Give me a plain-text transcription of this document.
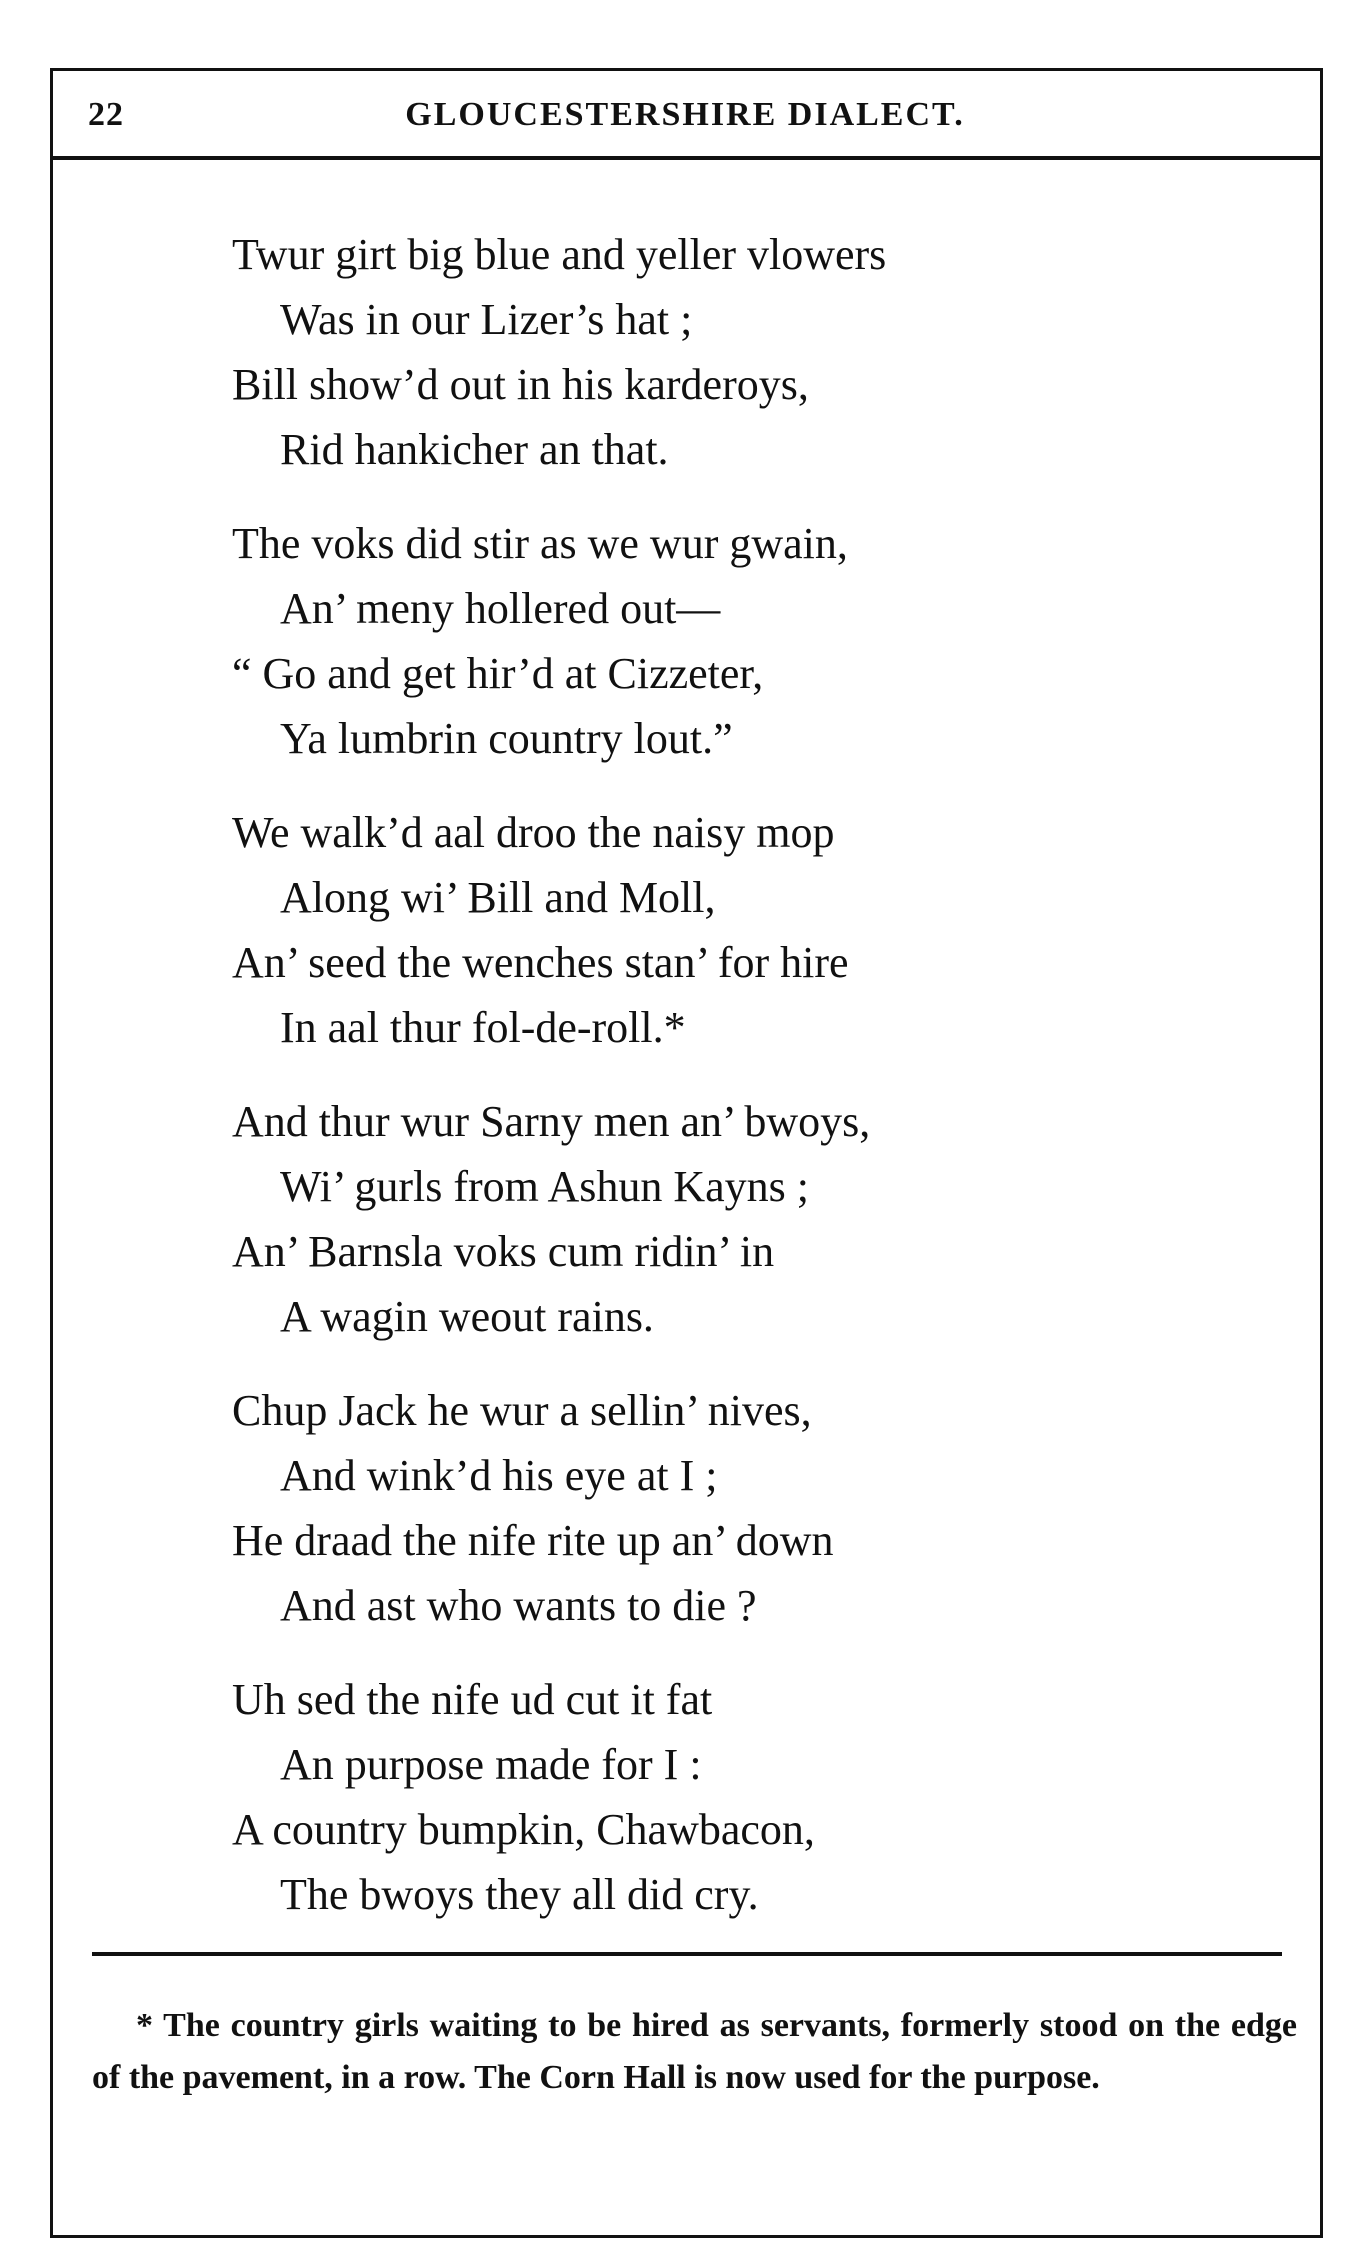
22	GLOUCESTERSHIRE DIALECT.
Twur girt big blue and yeller vlowers
Was in our Lizer’s hat ;
Bill show’d out in his karderoys,
Rid hankicher an that.
The voks did stir as we wur gwain,
An’ meny hollered out—
“ Go and get hir’d at Cizzeter,
Ya lumbrin country lout.”
We walk’d aal droo the naisy mop
Along wi’ Bill and Moll,
An’ seed the wenches stan’ for hire
In aal thur fol-de-roll.*
And thur wur Sarny men an’ bwoys,
Wi’ gurls from Ashun Kayns ;
An’ Barnsla voks cum ridin’ in
A wagin weout rains.
Chup Jack he wur a sellin’ nives,
And wink’d his eye at I ;
He draad the nife rite up an’ down
And ast who wants to die ?
Uh sed the nife ud cut it fat
An purpose made for I :
A country bumpkin, Chawbacon,
The bwoys they all did cry.
* The country girls waiting to be hired as servants, formerly stood on the edge of the pavement, in a row. The Corn Hall is now used for the purpose.
